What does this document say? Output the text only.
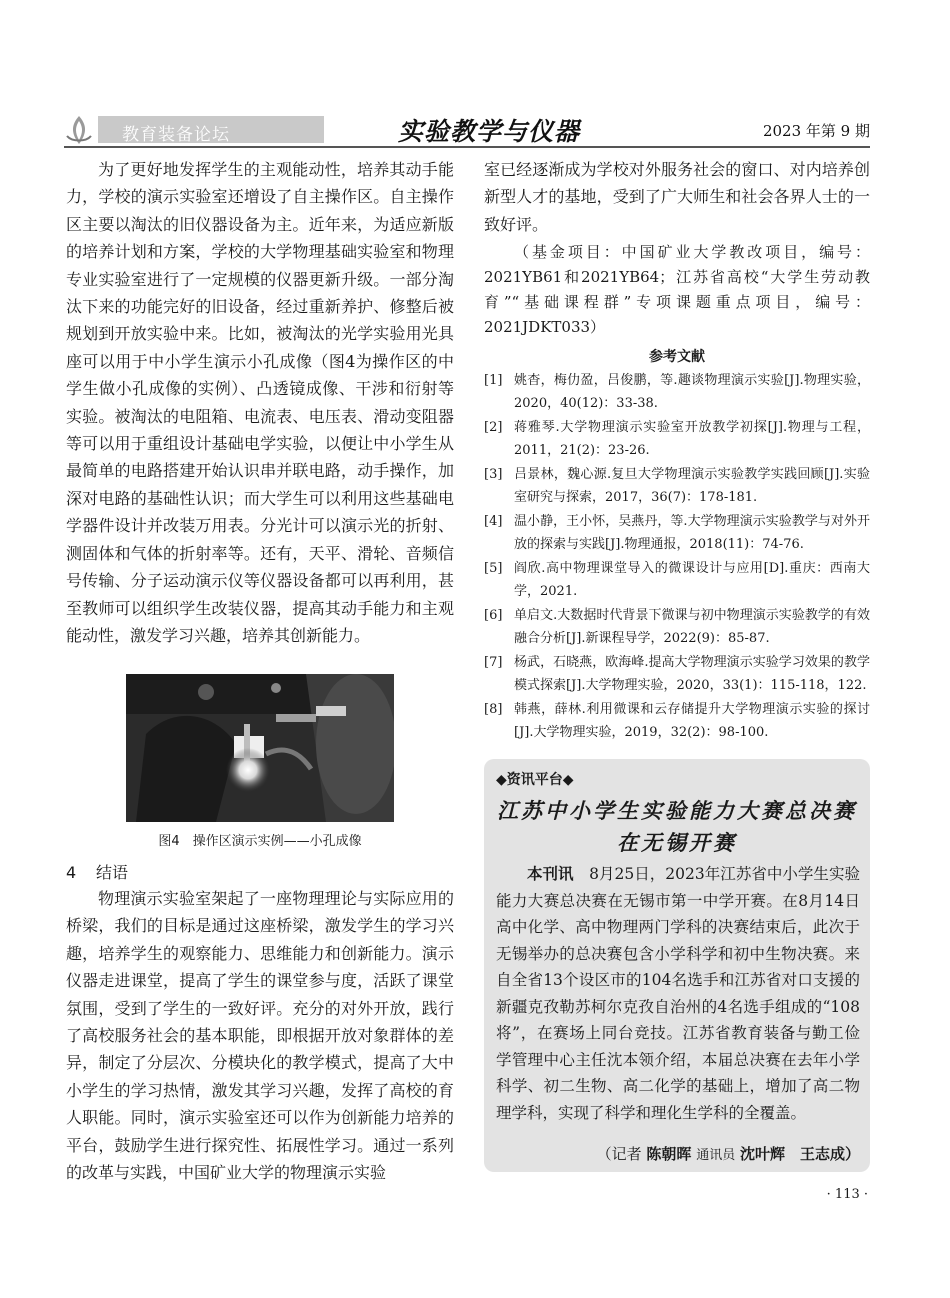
教育装备论坛	实验教学与仪器	2023 年第 9 期

为了更好地发挥学生的主观能动性，培养其动手能力，学校的演示实验室还增设了自主操作区。自主操作区主要以淘汰的旧仪器设备为主。近年来，为适应新版的培养计划和方案，学校的大学物理基础实验室和物理专业实验室进行了一定规模的仪器更新升级。一部分淘汰下来的功能完好的旧设备，经过重新养护、修整后被规划到开放实验中来。比如，被淘汰的光学实验用光具座可以用于中小学生演示小孔成像（图4为操作区的中学生做小孔成像的实例）、凸透镜成像、干涉和衍射等实验。被淘汰的电阻箱、电流表、电压表、滑动变阻器等可以用于重组设计基础电学实验，以便让中小学生从最简单的电路搭建开始认识串并联电路，动手操作，加深对电路的基础性认识；而大学生可以利用这些基础电学器件设计并改装万用表。分光计可以演示光的折射、测固体和气体的折射率等。还有，天平、滑轮、音频信号传输、分子运动演示仪等仪器设备都可以再利用，甚至教师可以组织学生改装仪器，提高其动手能力和主观能动性，激发学习兴趣，培养其创新能力。

图4　操作区演示实例——小孔成像
4 结语

物理演示实验室架起了一座物理理论与实际应用的桥梁，我们的目标是通过这座桥梁，激发学生的学习兴趣，培养学生的观察能力、思维能力和创新能力。演示仪器走进课堂，提高了学生的课堂参与度，活跃了课堂氛围，受到了学生的一致好评。充分的对外开放，践行了高校服务社会的基本职能，即根据开放对象群体的差异，制定了分层次、分模块化的教学模式，提高了大中小学生的学习热情，激发其学习兴趣，发挥了高校的育人职能。同时，演示实验室还可以作为创新能力培养的平台，鼓励学生进行探究性、拓展性学习。通过一系列的改革与实践，中国矿业大学的物理演示实验

室已经逐渐成为学校对外服务社会的窗口、对内培养创新型人才的基地，受到了广大师生和社会各界人士的一致好评。

（基金项目：中国矿业大学教改项目，编号：2021YB61和2021YB64；江苏省高校“大学生劳动教育”“基础课程群”专项课题重点项目，编号：2021JDKT033）

参考文献
[1] 姚杳，梅仂盈，吕俊鹏，等.趣谈物理演示实验[J].物理实验，2020，40(12)：33-38.
[2] 蒋雅琴.大学物理演示实验室开放教学初探[J].物理与工程，2011，21(2)：23-26.
[3] 吕景林，魏心源.复旦大学物理演示实验教学实践回顾[J].实验室研究与探索，2017，36(7)：178-181.
[4] 温小静，王小怀，吴燕丹，等.大学物理演示实验教学与对外开放的探索与实践[J].物理通报，2018(11)：74-76.
[5] 阎欣.高中物理课堂导入的微课设计与应用[D].重庆：西南大学，2021.
[6] 单启文.大数据时代背景下微课与初中物理演示实验教学的有效融合分析[J].新课程导学，2022(9)：85-87.
[7] 杨武，石晓燕，欧海峰.提高大学物理演示实验学习效果的教学模式探索[J].大学物理实验，2020，33(1)：115-118，122.
[8] 韩燕，薛林.利用微课和云存储提升大学物理演示实验的探讨[J].大学物理实验，2019，32(2)：98-100.
◆资讯平台◆
江苏中小学生实验能力大赛总决赛
在无锡开赛

本刊讯　8月25日，2023年江苏省中小学生实验能力大赛总决赛在无锡市第一中学开赛。在8月14日高中化学、高中物理两门学科的决赛结束后，此次于无锡举办的总决赛包含小学科学和初中生物决赛。来自全省13个设区市的104名选手和江苏省对口支援的新疆克孜勒苏柯尔克孜自治州的4名选手组成的“108将”，在赛场上同台竞技。江苏省教育装备与勤工俭学管理中心主任沈本领介绍，本届总决赛在去年小学科学、初二生物、高二化学的基础上，增加了高二物理学科，实现了科学和理化生学科的全覆盖。

（记者 陈朝晖 通讯员 沈叶辉　王志成）
· 113 ·
